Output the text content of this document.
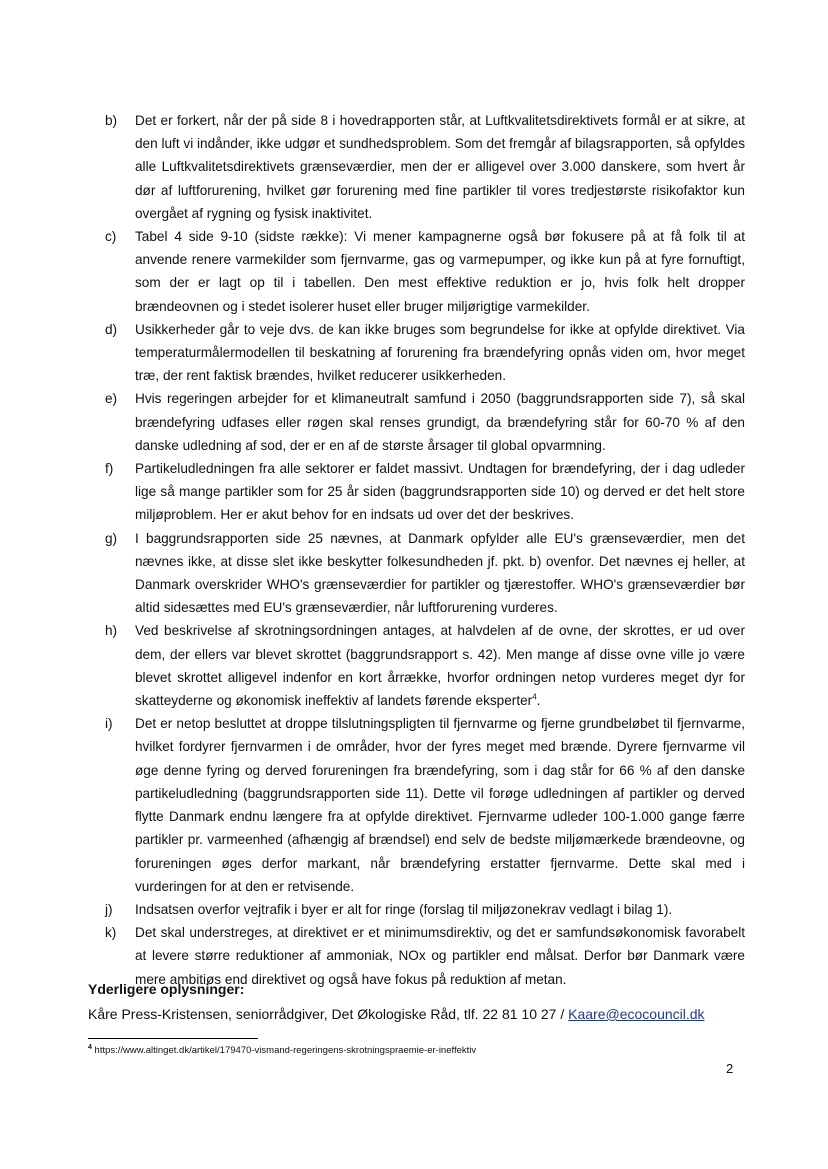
b)	Det er forkert, når der på side 8 i hovedrapporten står, at Luftkvalitetsdirektivets formål er at sikre, at den luft vi indånder, ikke udgør et sundhedsproblem. Som det fremgår af bilagsrapporten, så opfyldes alle Luftkvalitetsdirektivets grænseværdier, men der er alligevel over 3.000 danskere, som hvert år dør af luftforurening, hvilket gør forurening med fine partikler til vores tredjestørste risikofaktor kun overgået af rygning og fysisk inaktivitet.
c)	Tabel 4 side 9-10 (sidste række): Vi mener kampagnerne også bør fokusere på at få folk til at anvende renere varmekilder som fjernvarme, gas og varmepumper, og ikke kun på at fyre fornuftigt, som der er lagt op til i tabellen. Den mest effektive reduktion er jo, hvis folk helt dropper brændeovnen og i stedet isolerer huset eller bruger miljørigtige varmekilder.
d)	Usikkerheder går to veje dvs. de kan ikke bruges som begrundelse for ikke at opfylde direktivet. Via temperaturmålermodellen til beskatning af forurening fra brændefyring opnås viden om, hvor meget træ, der rent faktisk brændes, hvilket reducerer usikkerheden.
e)	Hvis regeringen arbejder for et klimaneutralt samfund i 2050 (baggrundsrapporten side 7), så skal brændefyring udfases eller røgen skal renses grundigt, da brændefyring står for 60-70 % af den danske udledning af sod, der er en af de største årsager til global opvarmning.
f)	Partikeludledningen fra alle sektorer er faldet massivt. Undtagen for brændefyring, der i dag udleder lige så mange partikler som for 25 år siden (baggrundsrapporten side 10) og derved er det helt store miljøproblem. Her er akut behov for en indsats ud over det der beskrives.
g)	I baggrundsrapporten side 25 nævnes, at Danmark opfylder alle EU's grænseværdier, men det nævnes ikke, at disse slet ikke beskytter folkesundheden jf. pkt. b) ovenfor. Det nævnes ej heller, at Danmark overskrider WHO's grænseværdier for partikler og tjærestoffer. WHO's grænseværdier bør altid sidesættes med EU's grænseværdier, når luftforurening vurderes.
h)	Ved beskrivelse af skrotningsordningen antages, at halvdelen af de ovne, der skrottes, er ud over dem, der ellers var blevet skrottet (baggrundsrapport s. 42). Men mange af disse ovne ville jo være blevet skrottet alligevel indenfor en kort årrække, hvorfor ordningen netop vurderes meget dyr for skatteyderne og økonomisk ineffektiv af landets førende eksperter$^4$.
i)	Det er netop besluttet at droppe tilslutningspligten til fjernvarme og fjerne grundbeløbet til fjernvarme, hvilket fordyrer fjernvarmen i de områder, hvor der fyres meget med brænde. Dyrere fjernvarme vil øge denne fyring og derved forureningen fra brændefyring, som i dag står for 66 % af den danske partikeludledning (baggrundsrapporten side 11). Dette vil forøge udledningen af partikler og derved flytte Danmark endnu længere fra at opfylde direktivet. Fjernvarme udleder 100-1.000 gange færre partikler pr. varmeenhed (afhængig af brændsel) end selv de bedste miljømærkede brændeovne, og forureningen øges derfor markant, når brændefyring erstatter fjernvarme. Dette skal med i vurderingen for at den er retvisende.
j)	Indsatsen overfor vejtrafik i byer er alt for ringe (forslag til miljøzonekrav vedlagt i bilag 1).
k)	Det skal understreges, at direktivet er et minimumsdirektiv, og det er samfundsøkonomisk favorabelt at levere større reduktioner af ammoniak, NOx og partikler end målsat. Derfor bør Danmark være mere ambitiøs end direktivet og også have fokus på reduktion af metan.
Yderligere oplysninger:
Kåre Press-Kristensen, seniorrådgiver, Det Økologiske Råd, tlf. 22 81 10 27 / Kaare@ecocouncil.dk
$^4$ https://www.altinget.dk/artikel/179470-vismand-regeringens-skrotningspraemie-er-ineffektiv
2
